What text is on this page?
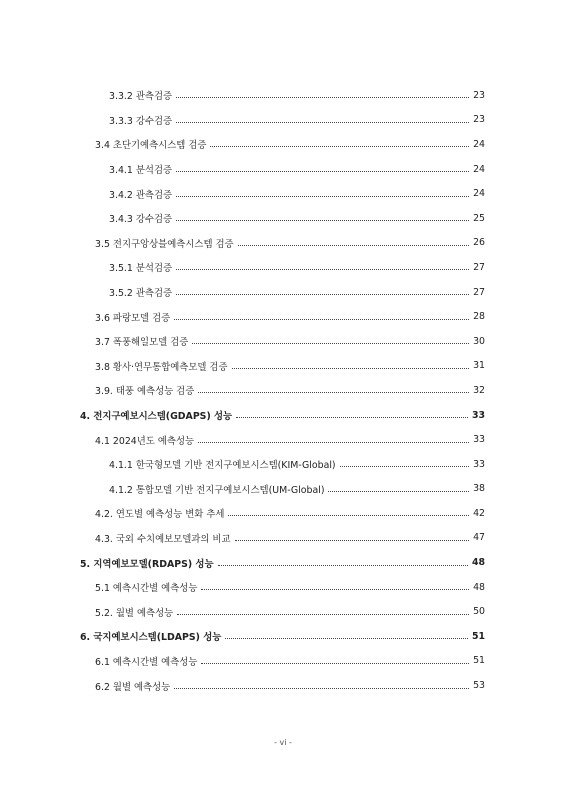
3.3.2 관측검증	23
3.3.3 강수검증	23
3.4 초단기예측시스템 검증	24
3.4.1 분석검증	24
3.4.2 관측검증	24
3.4.3 강수검증	25
3.5 전지구앙상블예측시스템 검증	26
3.5.1 분석검증	27
3.5.2 관측검증	27
3.6 파랑모델 검증	28
3.7 폭풍해일모델 검증	30
3.8 황사·연무통합예측모델 검증	31
3.9. 태풍 예측성능 검증	32
4. 전지구예보시스템(GDAPS) 성능	33
4.1 2024년도 예측성능	33
4.1.1 한국형모델 기반 전지구예보시스템(KIM-Global)	33
4.1.2 통합모델 기반 전지구예보시스템(UM-Global)	38
4.2. 연도별 예측성능 변화 추세	42
4.3. 국외 수치예보모델과의 비교	47
5. 지역예보모델(RDAPS) 성능	48
5.1 예측시간별 예측성능	48
5.2. 월별 예측성능	50
6. 국지예보시스템(LDAPS) 성능	51
6.1 예측시간별 예측성능	51
6.2 월별 예측성능	53
- vi -
